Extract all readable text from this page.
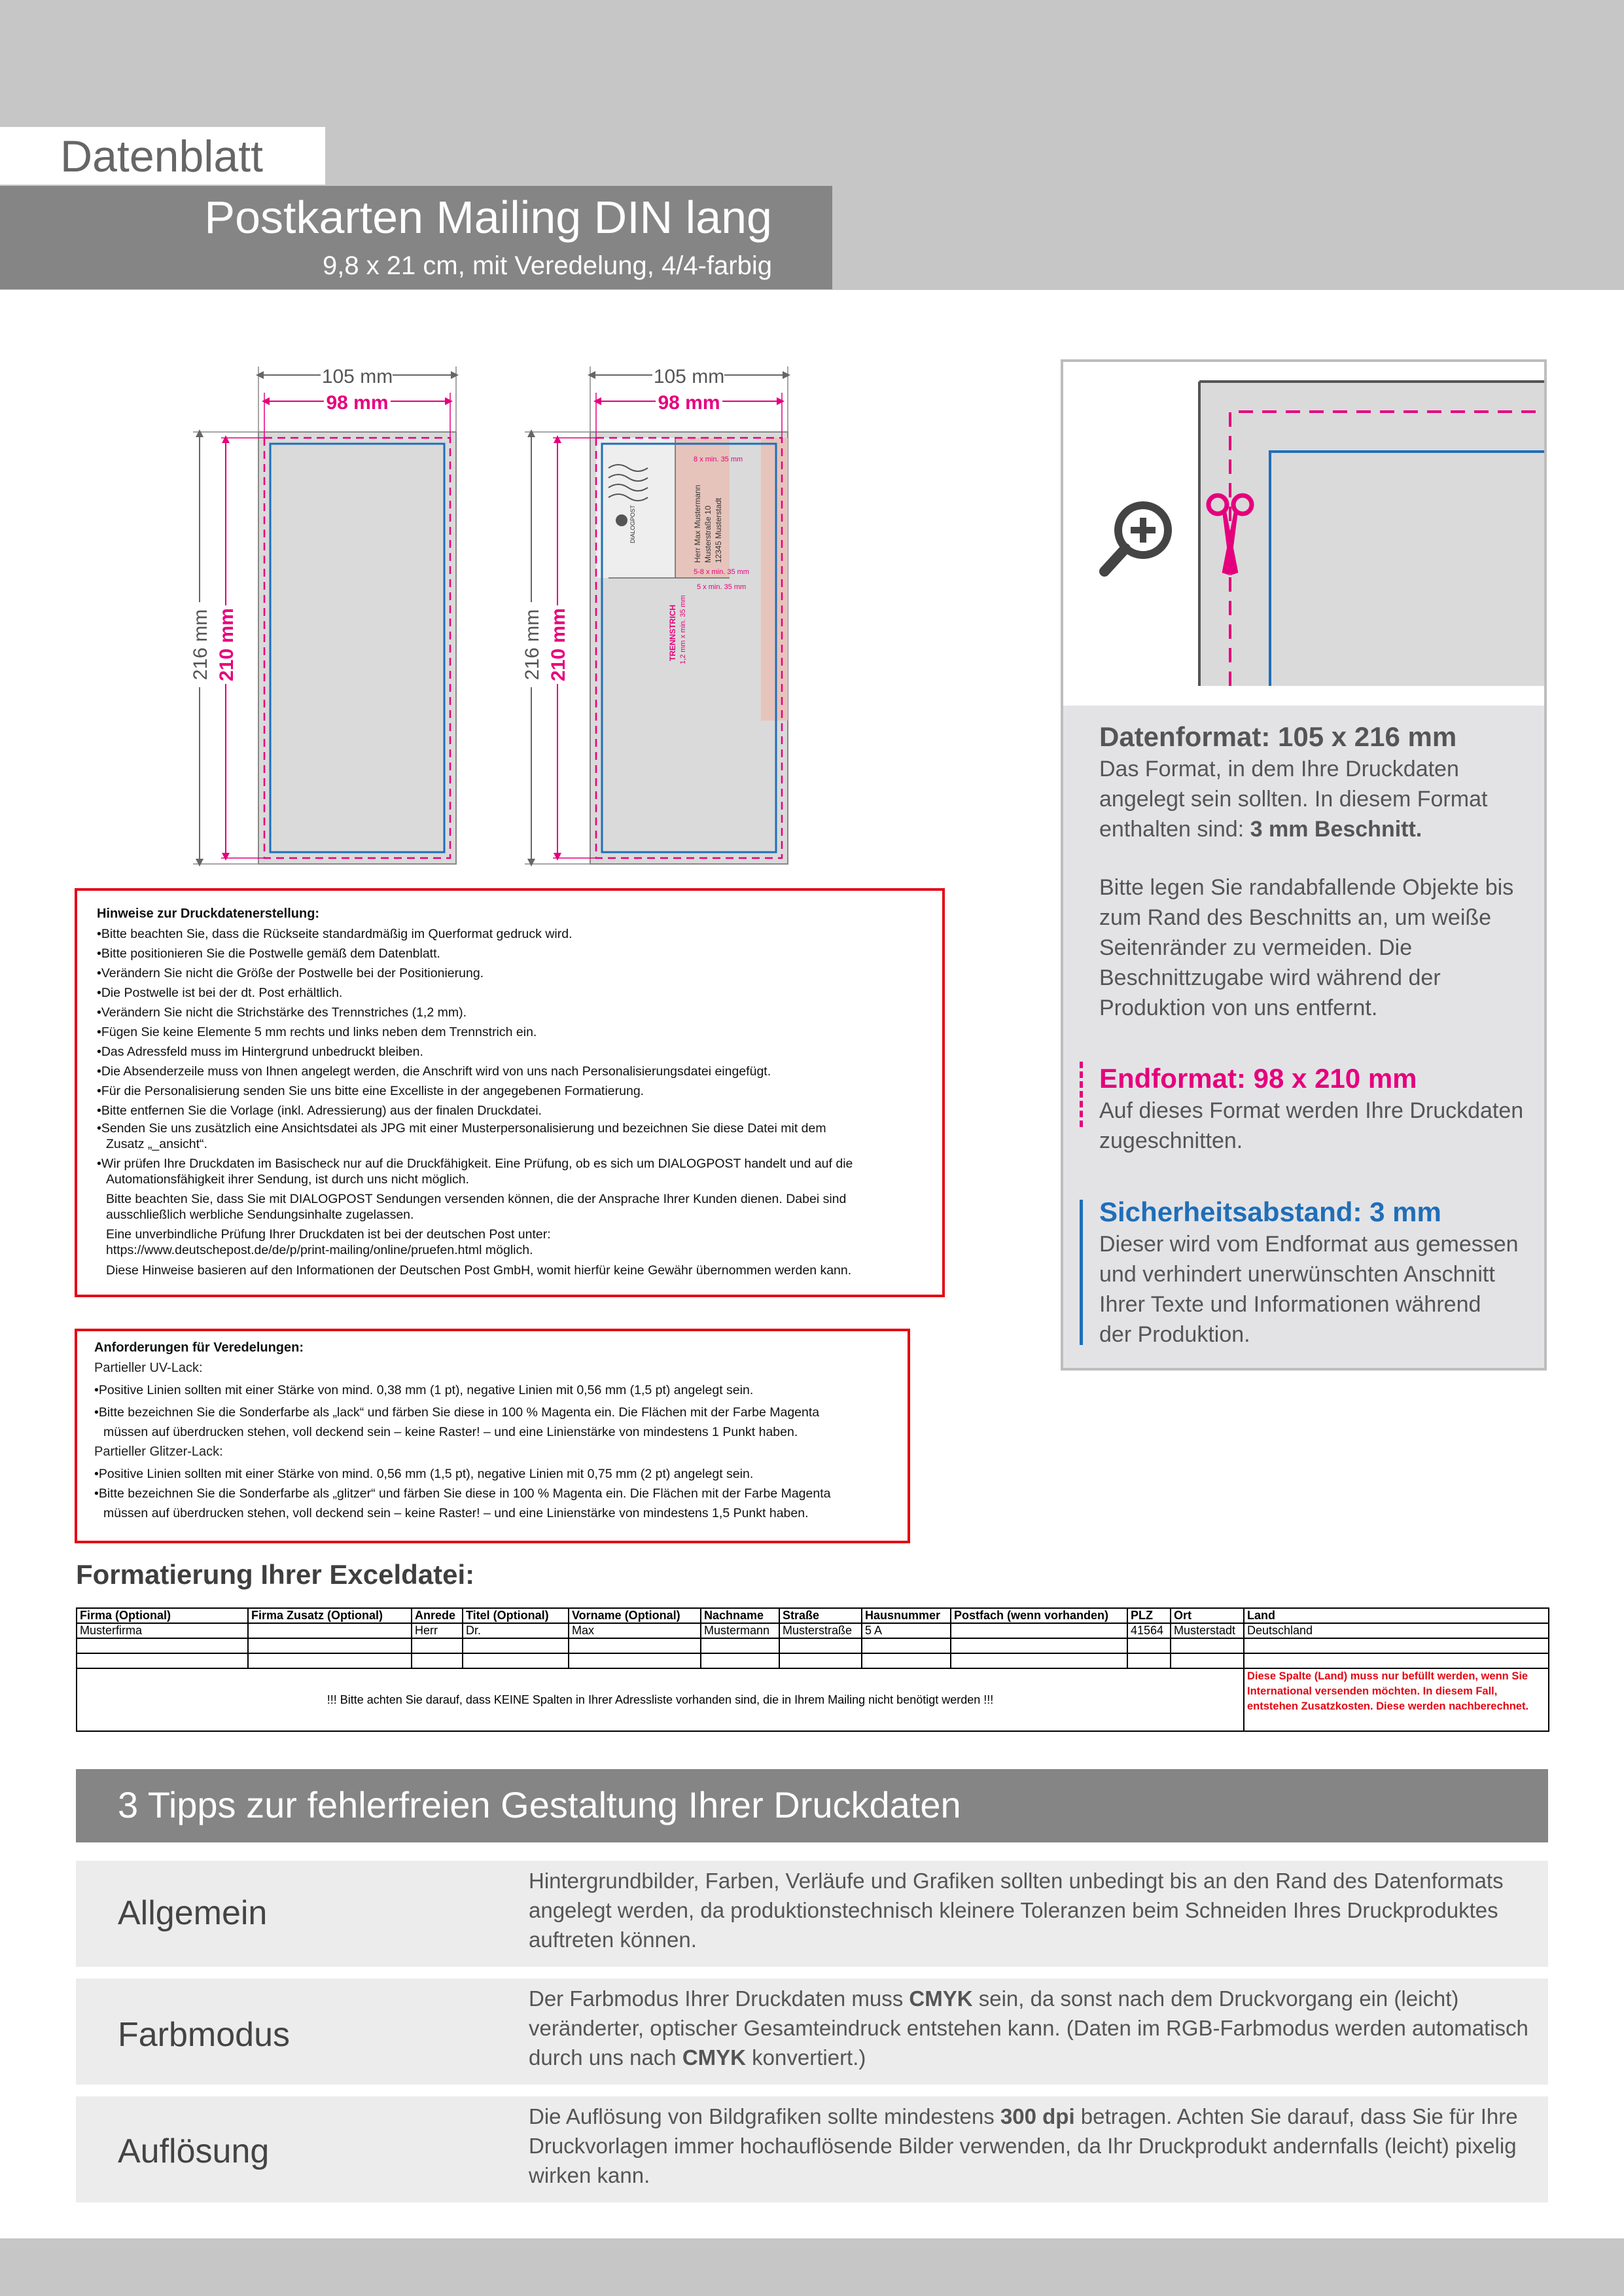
Datenblatt
Postkarten Mailing DIN lang
9,8 x 21 cm, mit Veredelung, 4/4-farbig
105 mm
98 mm
216 mm 210 mm
DIALOGPOST	Herr Max Mustermann Musterstraße 10 12345 Musterstadt
8 x min. 35 mm
5-8 x min. 35 mm
5 x min. 35 mm
TRENNSTRICH 1,2 mm x min. 35 mm
105 mm
98 mm
216 mm 210 mm
Datenformat: 105 x 216 mm
Das Format, in dem Ihre Druckdaten
angelegt sein sollten. In diesem Format
enthalten sind: 3 mm Beschnitt.
Bitte legen Sie randabfallende Objekte bis
zum Rand des Beschnitts an, um weiße
Seitenränder zu vermeiden. Die
Beschnittzugabe wird während der
Produktion von uns entfernt.
Endformat: 98 x 210 mm
Auf dieses Format werden Ihre Druckdaten
zugeschnitten.
Sicherheitsabstand: 3 mm
Dieser wird vom Endformat aus gemessen
und verhindert unerwünschten Anschnitt
Ihrer Texte und Informationen während
der Produktion.
Hinweise zur Druckdatenerstellung:
• Bitte beachten Sie, dass die Rückseite standardmäßig im Querformat gedruck wird.
• Bitte positionieren Sie die Postwelle gemäß dem Datenblatt.
• Verändern Sie nicht die Größe der Postwelle bei der Positionierung.
• Die Postwelle ist bei der dt. Post erhältlich.
• Verändern Sie nicht die Strichstärke des Trennstriches (1,2 mm).
• Fügen Sie keine Elemente 5 mm rechts und links neben dem Trennstrich ein.
• Das Adressfeld muss im Hintergrund unbedruckt bleiben.
• Die Absenderzeile muss von Ihnen angelegt werden, die Anschrift wird von uns nach Personalisierungsdatei eingefügt.
• Für die Personalisierung senden Sie uns bitte eine Excelliste in der angegebenen Formatierung.
• Bitte entfernen Sie die Vorlage (inkl. Adressierung) aus der finalen Druckdatei.
• Senden Sie uns zusätzlich eine Ansichtsdatei als JPG mit einer Musterpersonalisierung und bezeichnen Sie diese Datei mit dem
Zusatz „_ansicht“.
• Wir prüfen Ihre Druckdaten im Basischeck nur auf die Druckfähigkeit. Eine Prüfung, ob es sich um DIALOGPOST handelt und auf die
Automationsfähigkeit ihrer Sendung, ist durch uns nicht möglich.
Bitte beachten Sie, dass Sie mit DIALOGPOST Sendungen versenden können, die der Ansprache Ihrer Kunden dienen. Dabei sind
ausschließlich werbliche Sendungsinhalte zugelassen.
Eine unverbindliche Prüfung Ihrer Druckdaten ist bei der deutschen Post unter:
https://www.deutschepost.de/de/p/print-mailing/online/pruefen.html möglich.
Diese Hinweise basieren auf den Informationen der Deutschen Post GmbH, womit hierfür keine Gewähr übernommen werden kann.
Anforderungen für Veredelungen:
Partieller UV-Lack:
• Positive Linien sollten mit einer Stärke von mind. 0,38 mm (1 pt), negative Linien mit 0,56 mm (1,5 pt) angelegt sein.
• Bitte bezeichnen Sie die Sonderfarbe als „lack“ und färben Sie diese in 100 % Magenta ein. Die Flächen mit der Farbe Magenta
müssen auf überdrucken stehen, voll deckend sein – keine Raster! – und eine Linienstärke von mindestens 1 Punkt haben.
Partieller Glitzer-Lack:
• Positive Linien sollten mit einer Stärke von mind. 0,56 mm (1,5 pt), negative Linien mit 0,75 mm (2 pt) angelegt sein.
• Bitte bezeichnen Sie die Sonderfarbe als „glitzer“ und färben Sie diese in 100 % Magenta ein. Die Flächen mit der Farbe Magenta
müssen auf überdrucken stehen, voll deckend sein – keine Raster! – und eine Linienstärke von mindestens 1,5 Punkt haben.
Formatierung Ihrer Exceldatei:
Firma (Optional)	Firma Zusatz (Optional)	Anrede	Titel (Optional)	Vorname (Optional)	Nachname	Straße	Hausnummer	Postfach (wenn vorhanden)	PLZ	Ort	Land
Musterfirma		Herr	Dr.	Max	Mustermann	Musterstraße	5 A		41564	Musterstadt	Deutschland

!!! Bitte achten Sie darauf, dass KEINE Spalten in Ihrer Adressliste vorhanden sind, die in Ihrem Mailing nicht benötigt werden !!!											Diese Spalte (Land) muss nur befüllt werden, wenn Sie International versenden möchten. In diesem Fall, entstehen Zusatzkosten. Diese werden nachberechnet.
3 Tipps zur fehlerfreien Gestaltung Ihrer Druckdaten
Allgemein
Hintergrundbilder, Farben, Verläufe und Grafiken sollten unbedingt bis an den Rand des Datenformats angelegt werden, da produktionstechnisch kleinere Toleranzen beim Schneiden Ihres Druckproduktes auftreten können.
Farbmodus
Der Farbmodus Ihrer Druckdaten muss CMYK sein, da sonst nach dem Druckvorgang ein (leicht) veränderter, optischer Gesamteindruck entstehen kann. (Daten im RGB-Farbmodus werden automatisch durch uns nach CMYK konvertiert.)
Auflösung
Die Auflösung von Bildgrafiken sollte mindestens 300 dpi betragen. Achten Sie darauf, dass Sie für Ihre Druckvorlagen immer hochauflösende Bilder verwenden, da Ihr Druckprodukt andernfalls (leicht) pixelig wirken kann.
